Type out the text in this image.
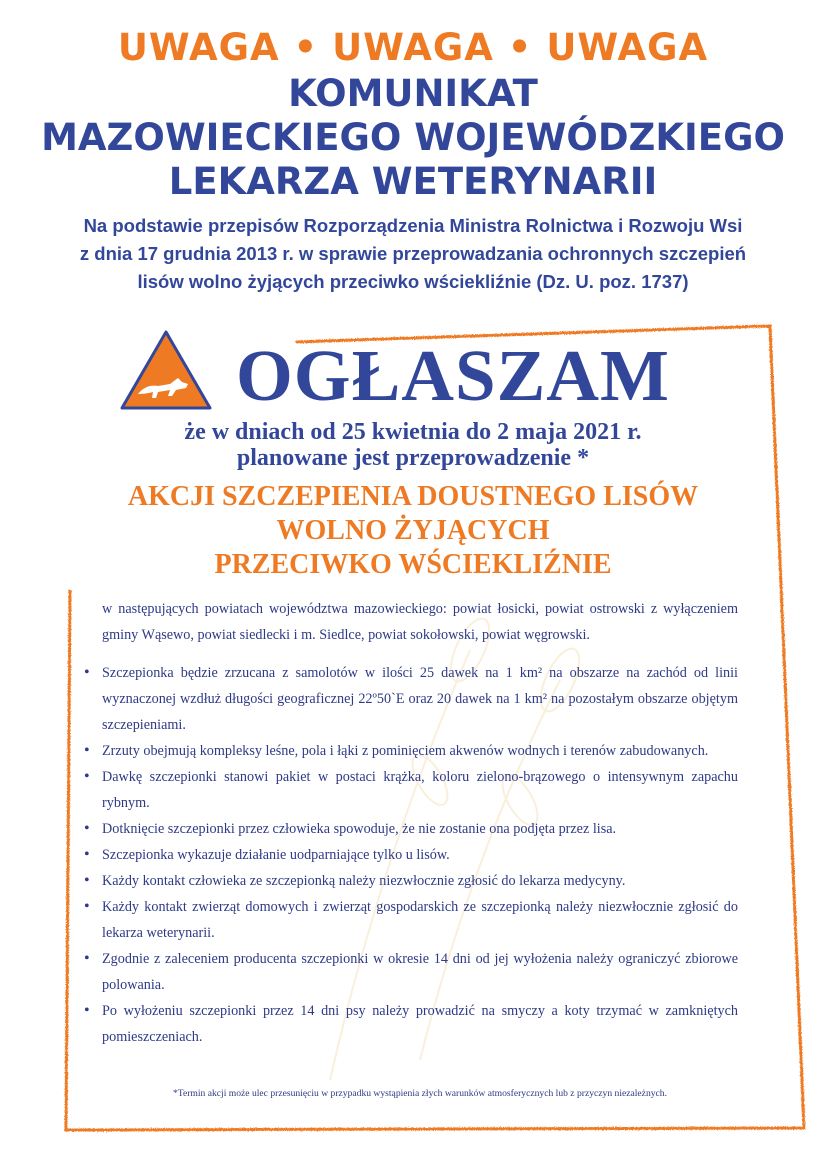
UWAGA • UWAGA • UWAGA
KOMUNIKAT
MAZOWIECKIEGO WOJEWÓDZKIEGO
LEKARZA WETERYNARII
Na podstawie przepisów Rozporządzenia Ministra Rolnictwa i Rozwoju Wsi
z dnia 17 grudnia 2013 r. w sprawie przeprowadzania ochronnych szczepień
lisów wolno żyjących przeciwko wściekliźnie (Dz. U. poz. 1737)
OGŁASZAM
że w dniach od 25 kwietnia do 2 maja 2021 r.
planowane jest przeprowadzenie *
AKCJI SZCZEPIENIA DOUSTNEGO LISÓW
WOLNO ŻYJĄCYCH
PRZECIWKO WŚCIEKLIŹNIE

w następujących powiatach województwa mazowieckiego: powiat łosicki, powiat ostrowski z wyłączeniem gminy Wąsewo, powiat siedlecki i m. Siedlce, powiat sokołowski, powiat węgrowski.

• Szczepionka będzie zrzucana z samolotów w ilości 25 dawek na 1 km² na obszarze na zachód od linii wyznaczonej wzdłuż długości geograficznej 22º50`E oraz 20 dawek na 1 km² na pozostałym obszarze objętym szczepieniami.
• Zrzuty obejmują kompleksy leśne, pola i łąki z pominięciem akwenów wodnych i terenów zabudowanych.
• Dawkę szczepionki stanowi pakiet w postaci krążka, koloru zielono-brązowego o intensywnym zapachu rybnym.
• Dotknięcie szczepionki przez człowieka spowoduje, że nie zostanie ona podjęta przez lisa.
• Szczepionka wykazuje działanie uodparniające tylko u lisów.
• Każdy kontakt człowieka ze szczepionką należy niezwłocznie zgłosić do lekarza medycyny.
• Każdy kontakt zwierząt domowych i zwierząt gospodarskich ze szczepionką należy niezwłocznie zgłosić do lekarza weterynarii.
• Zgodnie z zaleceniem producenta szczepionki w okresie 14 dni od jej wyłożenia należy ograniczyć zbiorowe polowania.
• Po wyłożeniu szczepionki przez 14 dni psy należy prowadzić na smyczy a koty trzymać w zamkniętych pomieszczeniach.
*Termin akcji może ulec przesunięciu w przypadku wystąpienia złych warunków atmosferycznych lub z przyczyn niezależnych.
